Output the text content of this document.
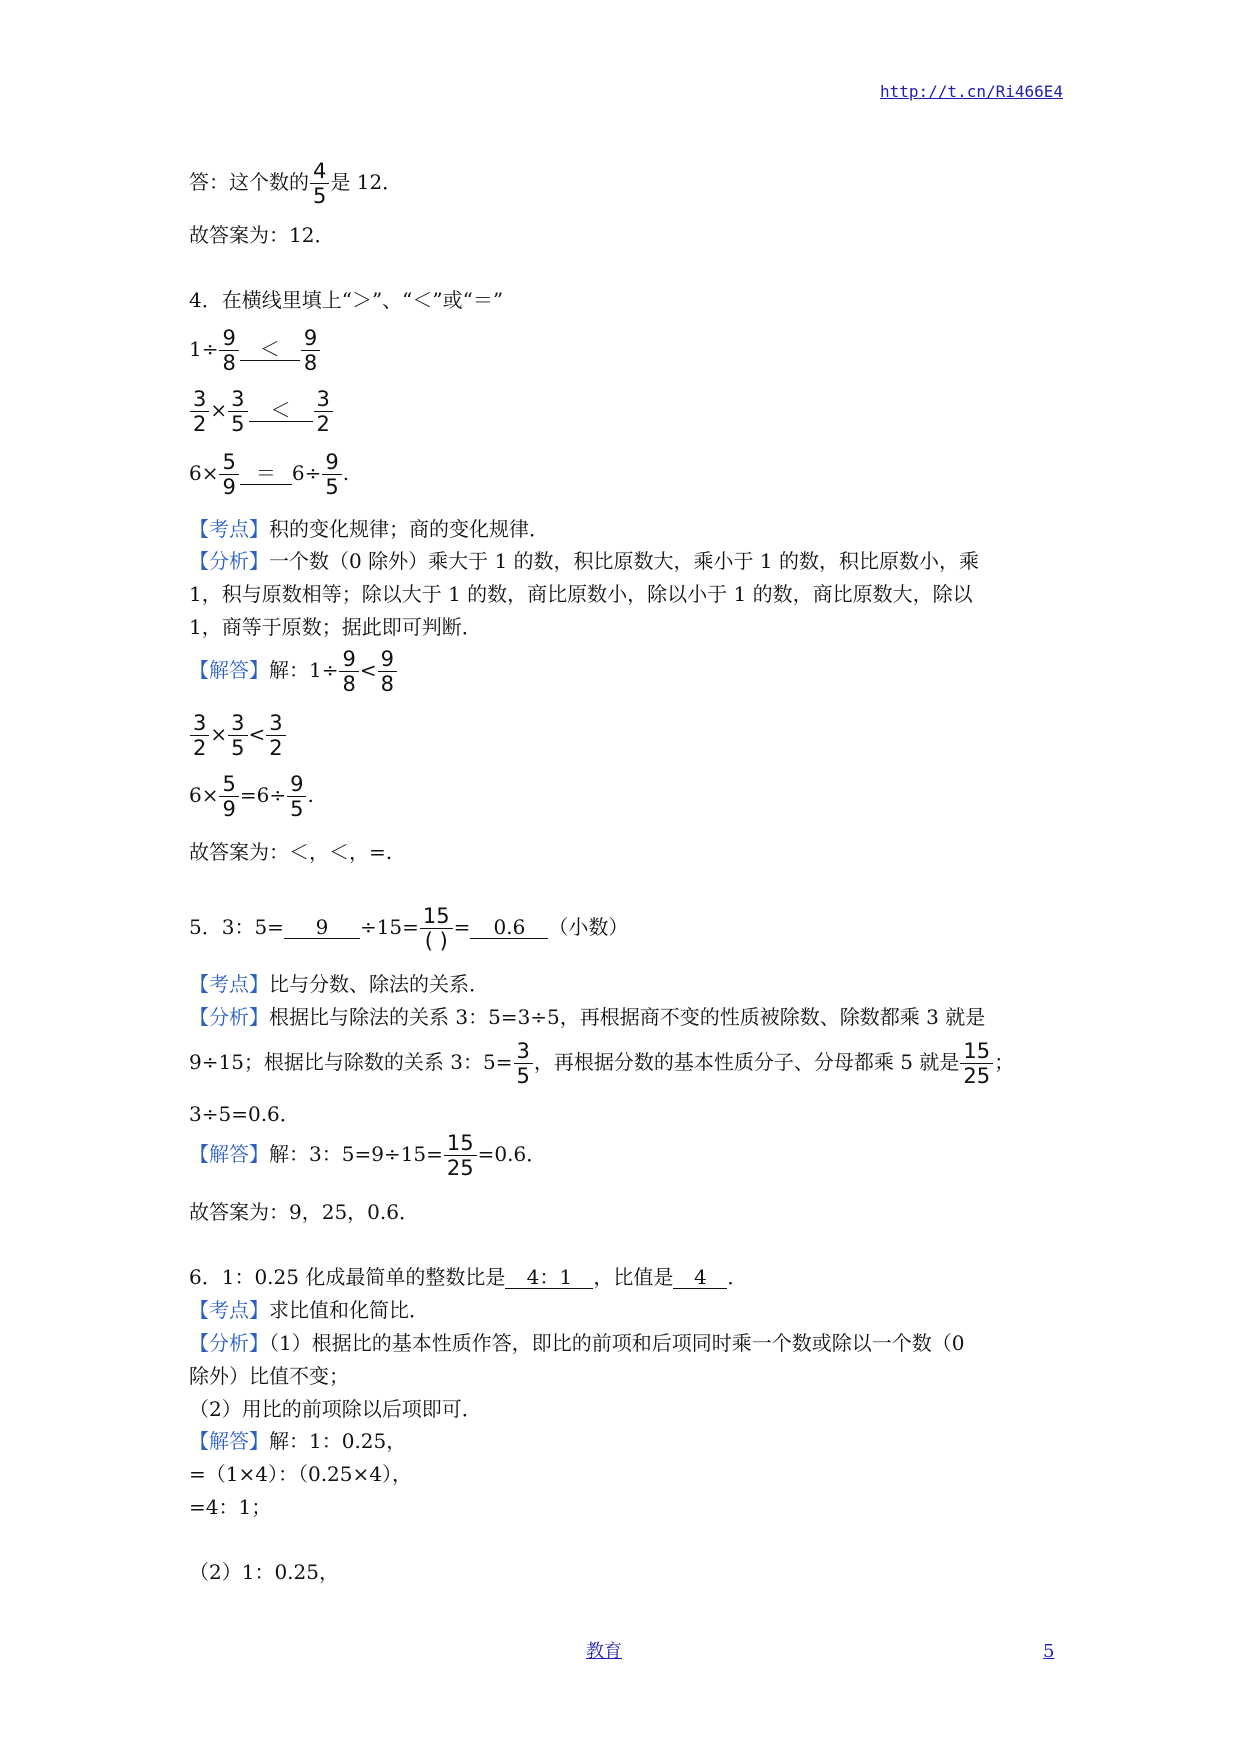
http://t.cn/Ri466E4
答：这个数的 $\frac{4}{5}$ 是 12．
故答案为：12．
4．在横线里填上“＞”、“＜”或“＝”
$1\div \frac{9}{8} < \frac{9}{8}$
$\frac{3}{2} \times \frac{3}{5} < \frac{3}{2}$
$6\times \frac{5}{9} = 6\div \frac{9}{5}$ .
【考点】积的变化规律；商的变化规律．
【分析】一个数（0 除外）乘大于 1 的数，积比原数大，乘小于 1 的数，积比原数小，乘
1，积与原数相等；除以大于 1 的数，商比原数小，除以小于 1 的数，商比原数大，除以
1，商等于原数；据此即可判断．
【解答】解：$1\div \frac{9}{8} < \frac{9}{8}$
$\frac{3}{2} \times \frac{3}{5} < \frac{3}{2}$
$6\times \frac{5}{9} =6\div \frac{9}{5}$ .
故答案为：＜，＜，=.
5．3：5= 9 ÷15= 15
( )
= 0.6 （小数）
【考点】比与分数、除法的关系．
【分析】根据比与除法的关系 3：5=3÷5，再根据商不变的性质被除数、除数都乘 3 就是
9÷15；根据比与除数的关系 3：$5= \frac{3}{5}$ ，再根据分数的基本性质分子、分母都乘 5 就是 $\frac{15}{25}$ ；
3÷5=0.6．
【解答】解：3：$5=9\div 15= \frac{15}{25} =0.6$．
故答案为：9，25，0.6．
6．1：0.25 化成最简单的整数比是 4：1 ，比值是 4 ．
【考点】求比值和化简比．
【分析】（1）根据比的基本性质作答，即比的前项和后项同时乘一个数或除以一个数（0
除外）比值不变；
（2）用比的前项除以后项即可．
【解答】解：1：0.25，
=（1×4）：（0.25×4），
=4：1；
（2）1：0.25，
教育	5
